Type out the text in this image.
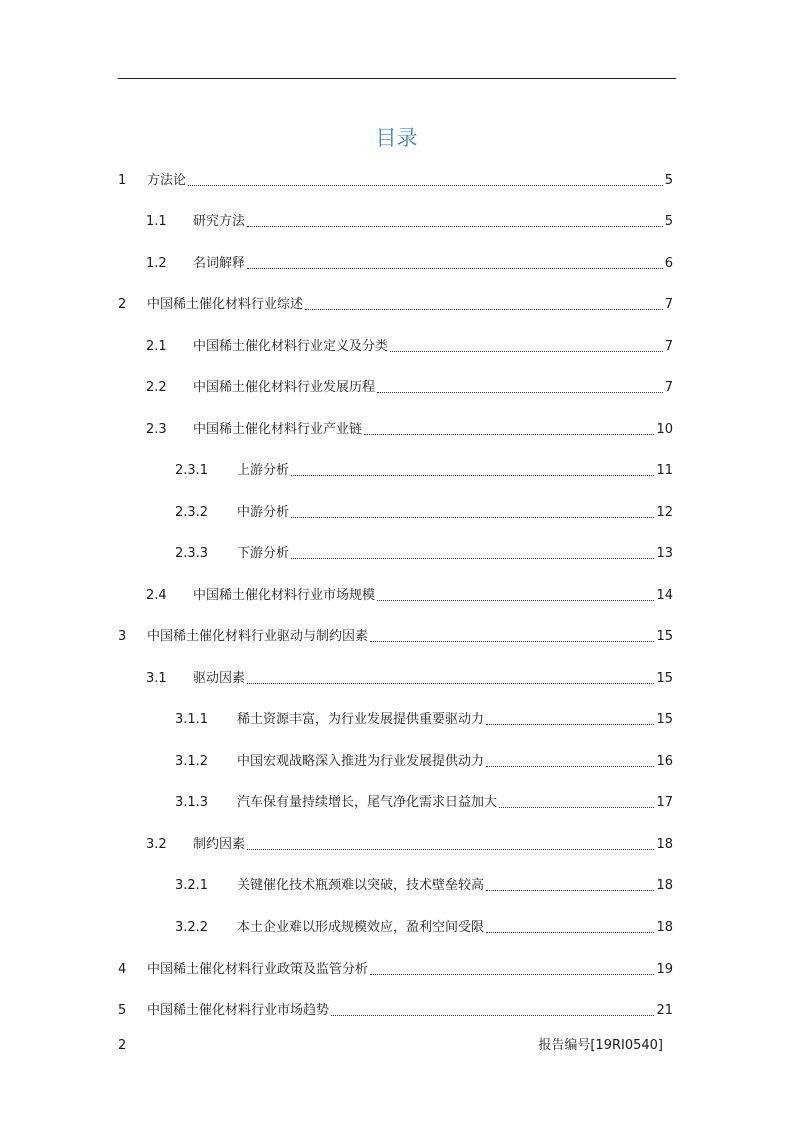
目录
1	方法论	5
1.1	研究方法	5
1.2	名词解释	6
2	中国稀土催化材料行业综述	7
2.1	中国稀土催化材料行业定义及分类	7
2.2	中国稀土催化材料行业发展历程	7
2.3	中国稀土催化材料行业产业链	10
2.3.1	上游分析	11
2.3.2	中游分析	12
2.3.3	下游分析	13
2.4	中国稀土催化材料行业市场规模	14
3	中国稀土催化材料行业驱动与制约因素	15
3.1	驱动因素	15
3.1.1	稀土资源丰富，为行业发展提供重要驱动力	15
3.1.2	中国宏观战略深入推进为行业发展提供动力	16
3.1.3	汽车保有量持续增长，尾气净化需求日益加大	17
3.2	制约因素	18
3.2.1	关键催化技术瓶颈难以突破，技术壁垒较高	18
3.2.2	本土企业难以形成规模效应，盈利空间受限	18
4	中国稀土催化材料行业政策及监管分析	19
5	中国稀土催化材料行业市场趋势	21
2	报告编号[19RI0540]
